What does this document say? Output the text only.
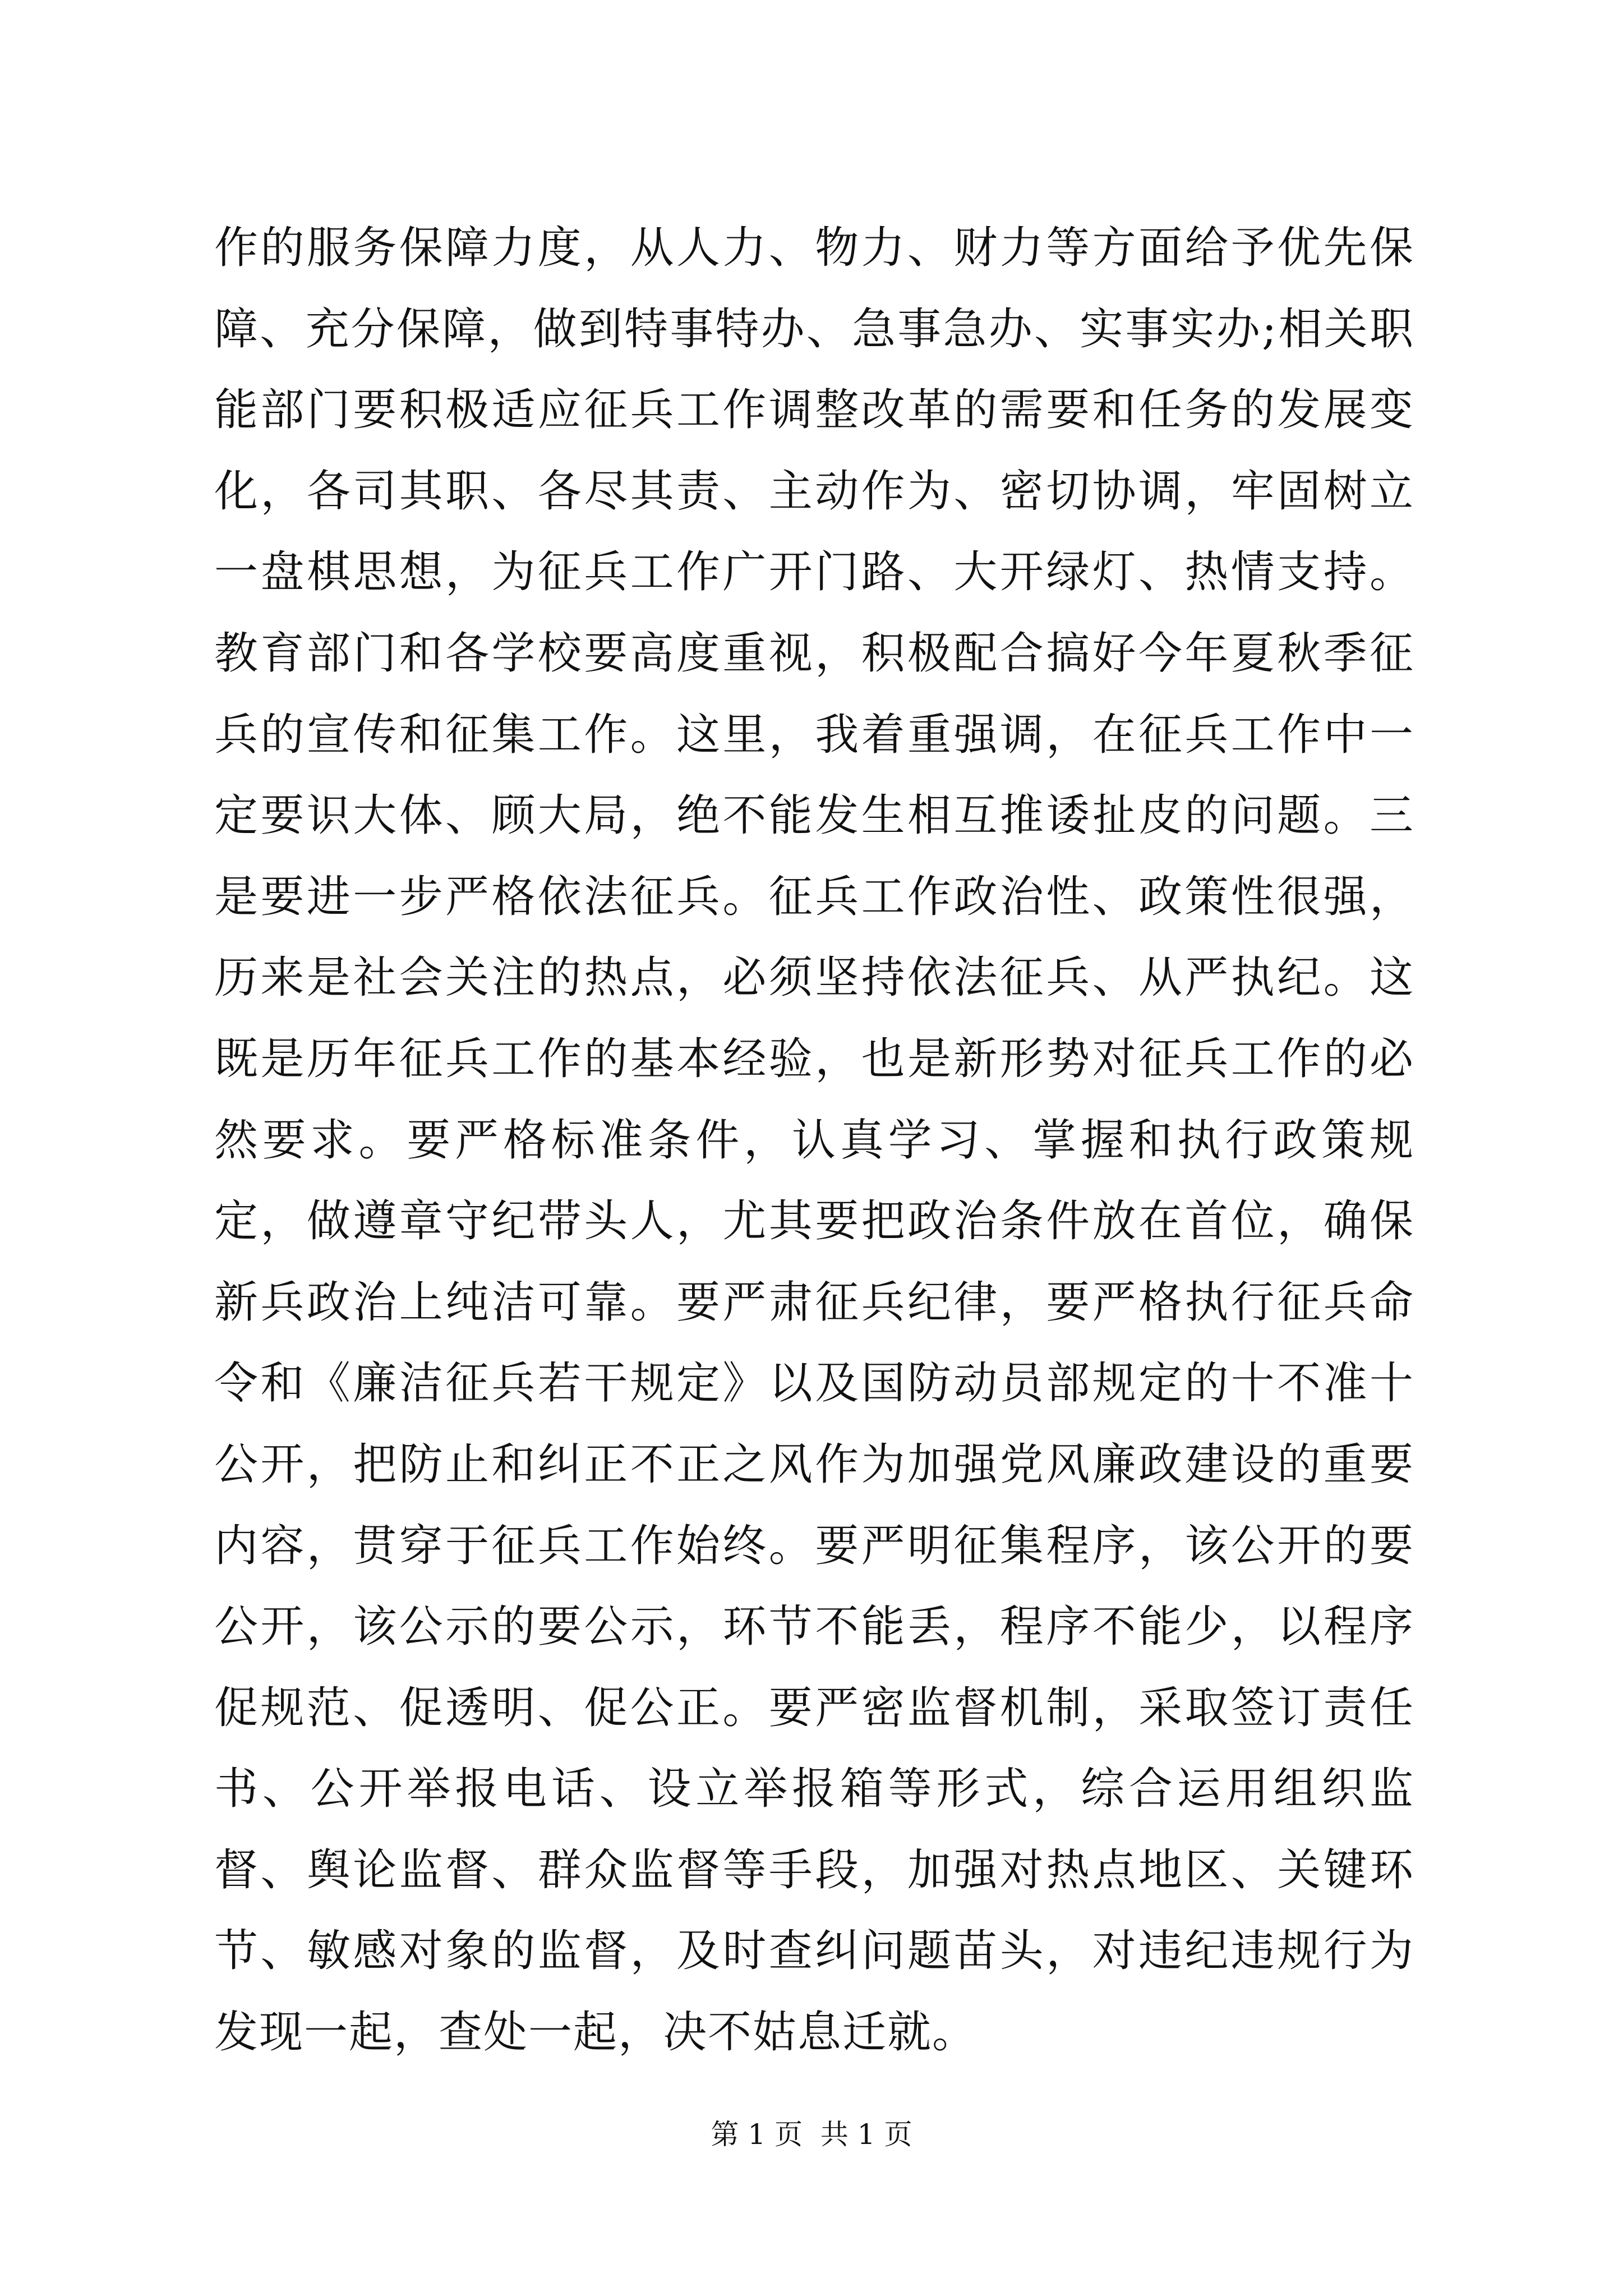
作的服务保障力度，从人力、物力、财力等方面给予优先保障、充分保障，做到特事特办、急事急办、实事实办;相关职能部门要积极适应征兵工作调整改革的需要和任务的发展变化，各司其职、各尽其责、主动作为、密切协调，牢固树立一盘棋思想，为征兵工作广开门路、大开绿灯、热情支持。教育部门和各学校要高度重视，积极配合搞好今年夏秋季征兵的宣传和征集工作。这里，我着重强调，在征兵工作中一定要识大体、顾大局，绝不能发生相互推诿扯皮的问题。三是要进一步严格依法征兵。征兵工作政治性、政策性很强，历来是社会关注的热点，必须坚持依法征兵、从严执纪。这既是历年征兵工作的基本经验，也是新形势对征兵工作的必然要求。要严格标准条件，认真学习、掌握和执行政策规定，做遵章守纪带头人，尤其要把政治条件放在首位，确保新兵政治上纯洁可靠。要严肃征兵纪律，要严格执行征兵命令和《廉洁征兵若干规定》以及国防动员部规定的十不准十公开，把防止和纠正不正之风作为加强党风廉政建设的重要内容，贯穿于征兵工作始终。要严明征集程序，该公开的要公开，该公示的要公示，环节不能丢，程序不能少，以程序促规范、促透明、促公正。要严密监督机制，采取签订责任书、公开举报电话、设立举报箱等形式，综合运用组织监督、舆论监督、群众监督等手段，加强对热点地区、关键环节、敏感对象的监督，及时查纠问题苗头，对违纪违规行为发现一起，查处一起，决不姑息迁就。

第 1 页  共 1 页
